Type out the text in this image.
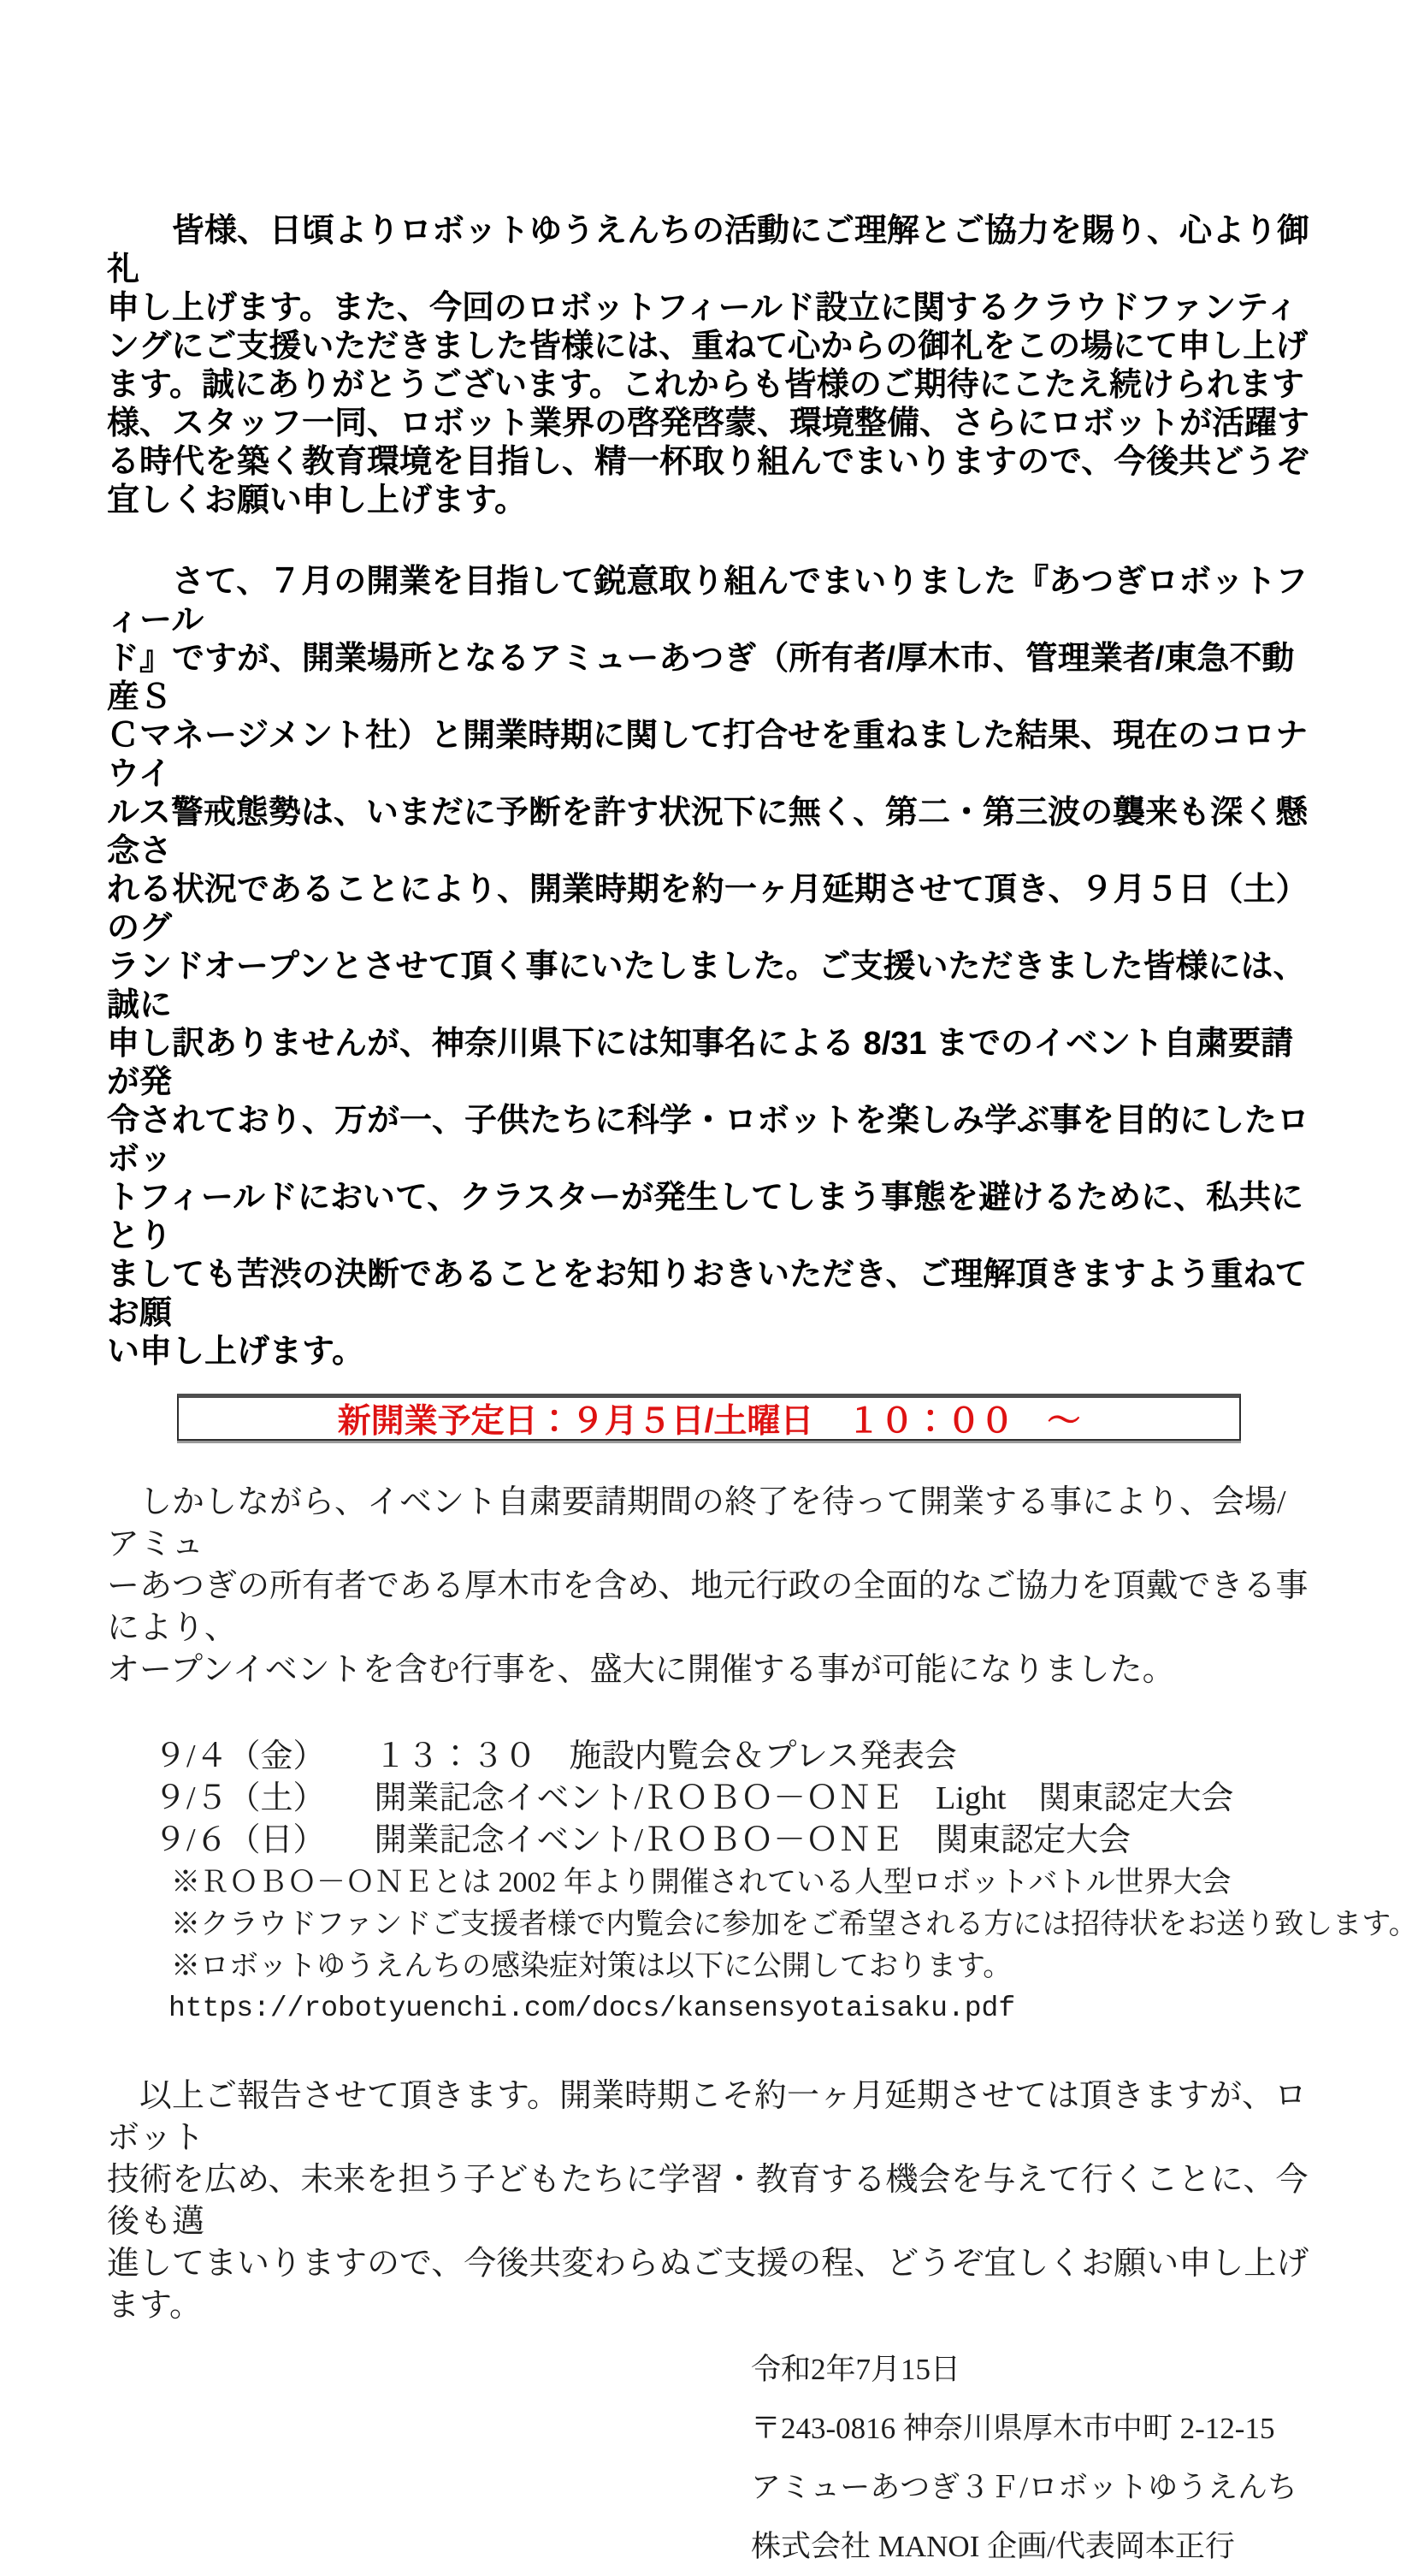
　　皆様、日頃よりロボットゆうえんちの活動にご理解とご協力を賜り、心より御礼
申し上げます。また、今回のロボットフィールド設立に関するクラウドファンティ
ングにご支援いただきました皆様には、重ねて心からの御礼をこの場にて申し上げ
ます。誠にありがとうございます。これからも皆様のご期待にこたえ続けられます
様、スタッフ一同、ロボット業界の啓発啓蒙、環境整備、さらにロボットが活躍す
る時代を築く教育環境を目指し、精一杯取り組んでまいりますので、今後共どうぞ
宜しくお願い申し上げます。
　　さて、７月の開業を目指して鋭意取り組んでまいりました『あつぎロボットフィール
ド』ですが、開業場所となるアミューあつぎ（所有者/厚木市、管理業者/東急不動産Ｓ
Ｃマネージメント社）と開業時期に関して打合せを重ねました結果、現在のコロナウイ
ルス警戒態勢は、いまだに予断を許す状況下に無く、第二・第三波の襲来も深く懸念さ
れる状況であることにより、開業時期を約一ヶ月延期させて頂き、９月５日（土）のグ
ランドオープンとさせて頂く事にいたしました。ご支援いただきました皆様には、誠に
申し訳ありませんが、神奈川県下には知事名による 8/31 までのイベント自粛要請が発
令されており、万が一、子供たちに科学・ロボットを楽しみ学ぶ事を目的にしたロボッ
トフィールドにおいて、クラスターが発生してしまう事態を避けるために、私共にとり
ましても苦渋の決断であることをお知りおきいただき、ご理解頂きますよう重ねてお願
い申し上げます。
新開業予定日：９月５日/土曜日　１０：００　～
　しかしながら、イベント自粛要請期間の終了を待って開業する事により、会場/アミュ
ーあつぎの所有者である厚木市を含め、地元行政の全面的なご協力を頂戴できる事により、
オープンイベントを含む行事を、盛大に開催する事が可能になりました。
９/４（金）　　１３：３０　施設内覧会＆プレス発表会
９/５（土）　　開業記念イベント/ＲＯＢＯ－ＯＮＥ　Light　関東認定大会
９/６（日）　　開業記念イベント/ＲＯＢＯ－ＯＮＥ　関東認定大会
※ＲＯＢＯ－ＯＮＥとは 2002 年より開催されている人型ロボットバトル世界大会
※クラウドファンドご支援者様で内覧会に参加をご希望される方には招待状をお送り致します。
※ロボットゆうえんちの感染症対策は以下に公開しております。
https://robotyuenchi.com/docs/kansensyotaisaku.pdf
　以上ご報告させて頂きます。開業時期こそ約一ヶ月延期させては頂きますが、ロボット
技術を広め、未来を担う子どもたちに学習・教育する機会を与えて行くことに、今後も邁
進してまいりますので、今後共変わらぬご支援の程、どうぞ宜しくお願い申し上げます。
令和2年7月15日
〒243-0816 神奈川県厚木市中町 2-12-15
アミューあつぎ３Ｆ/ロボットゆうえんち
株式会社 MANOI 企画/代表岡本正行
